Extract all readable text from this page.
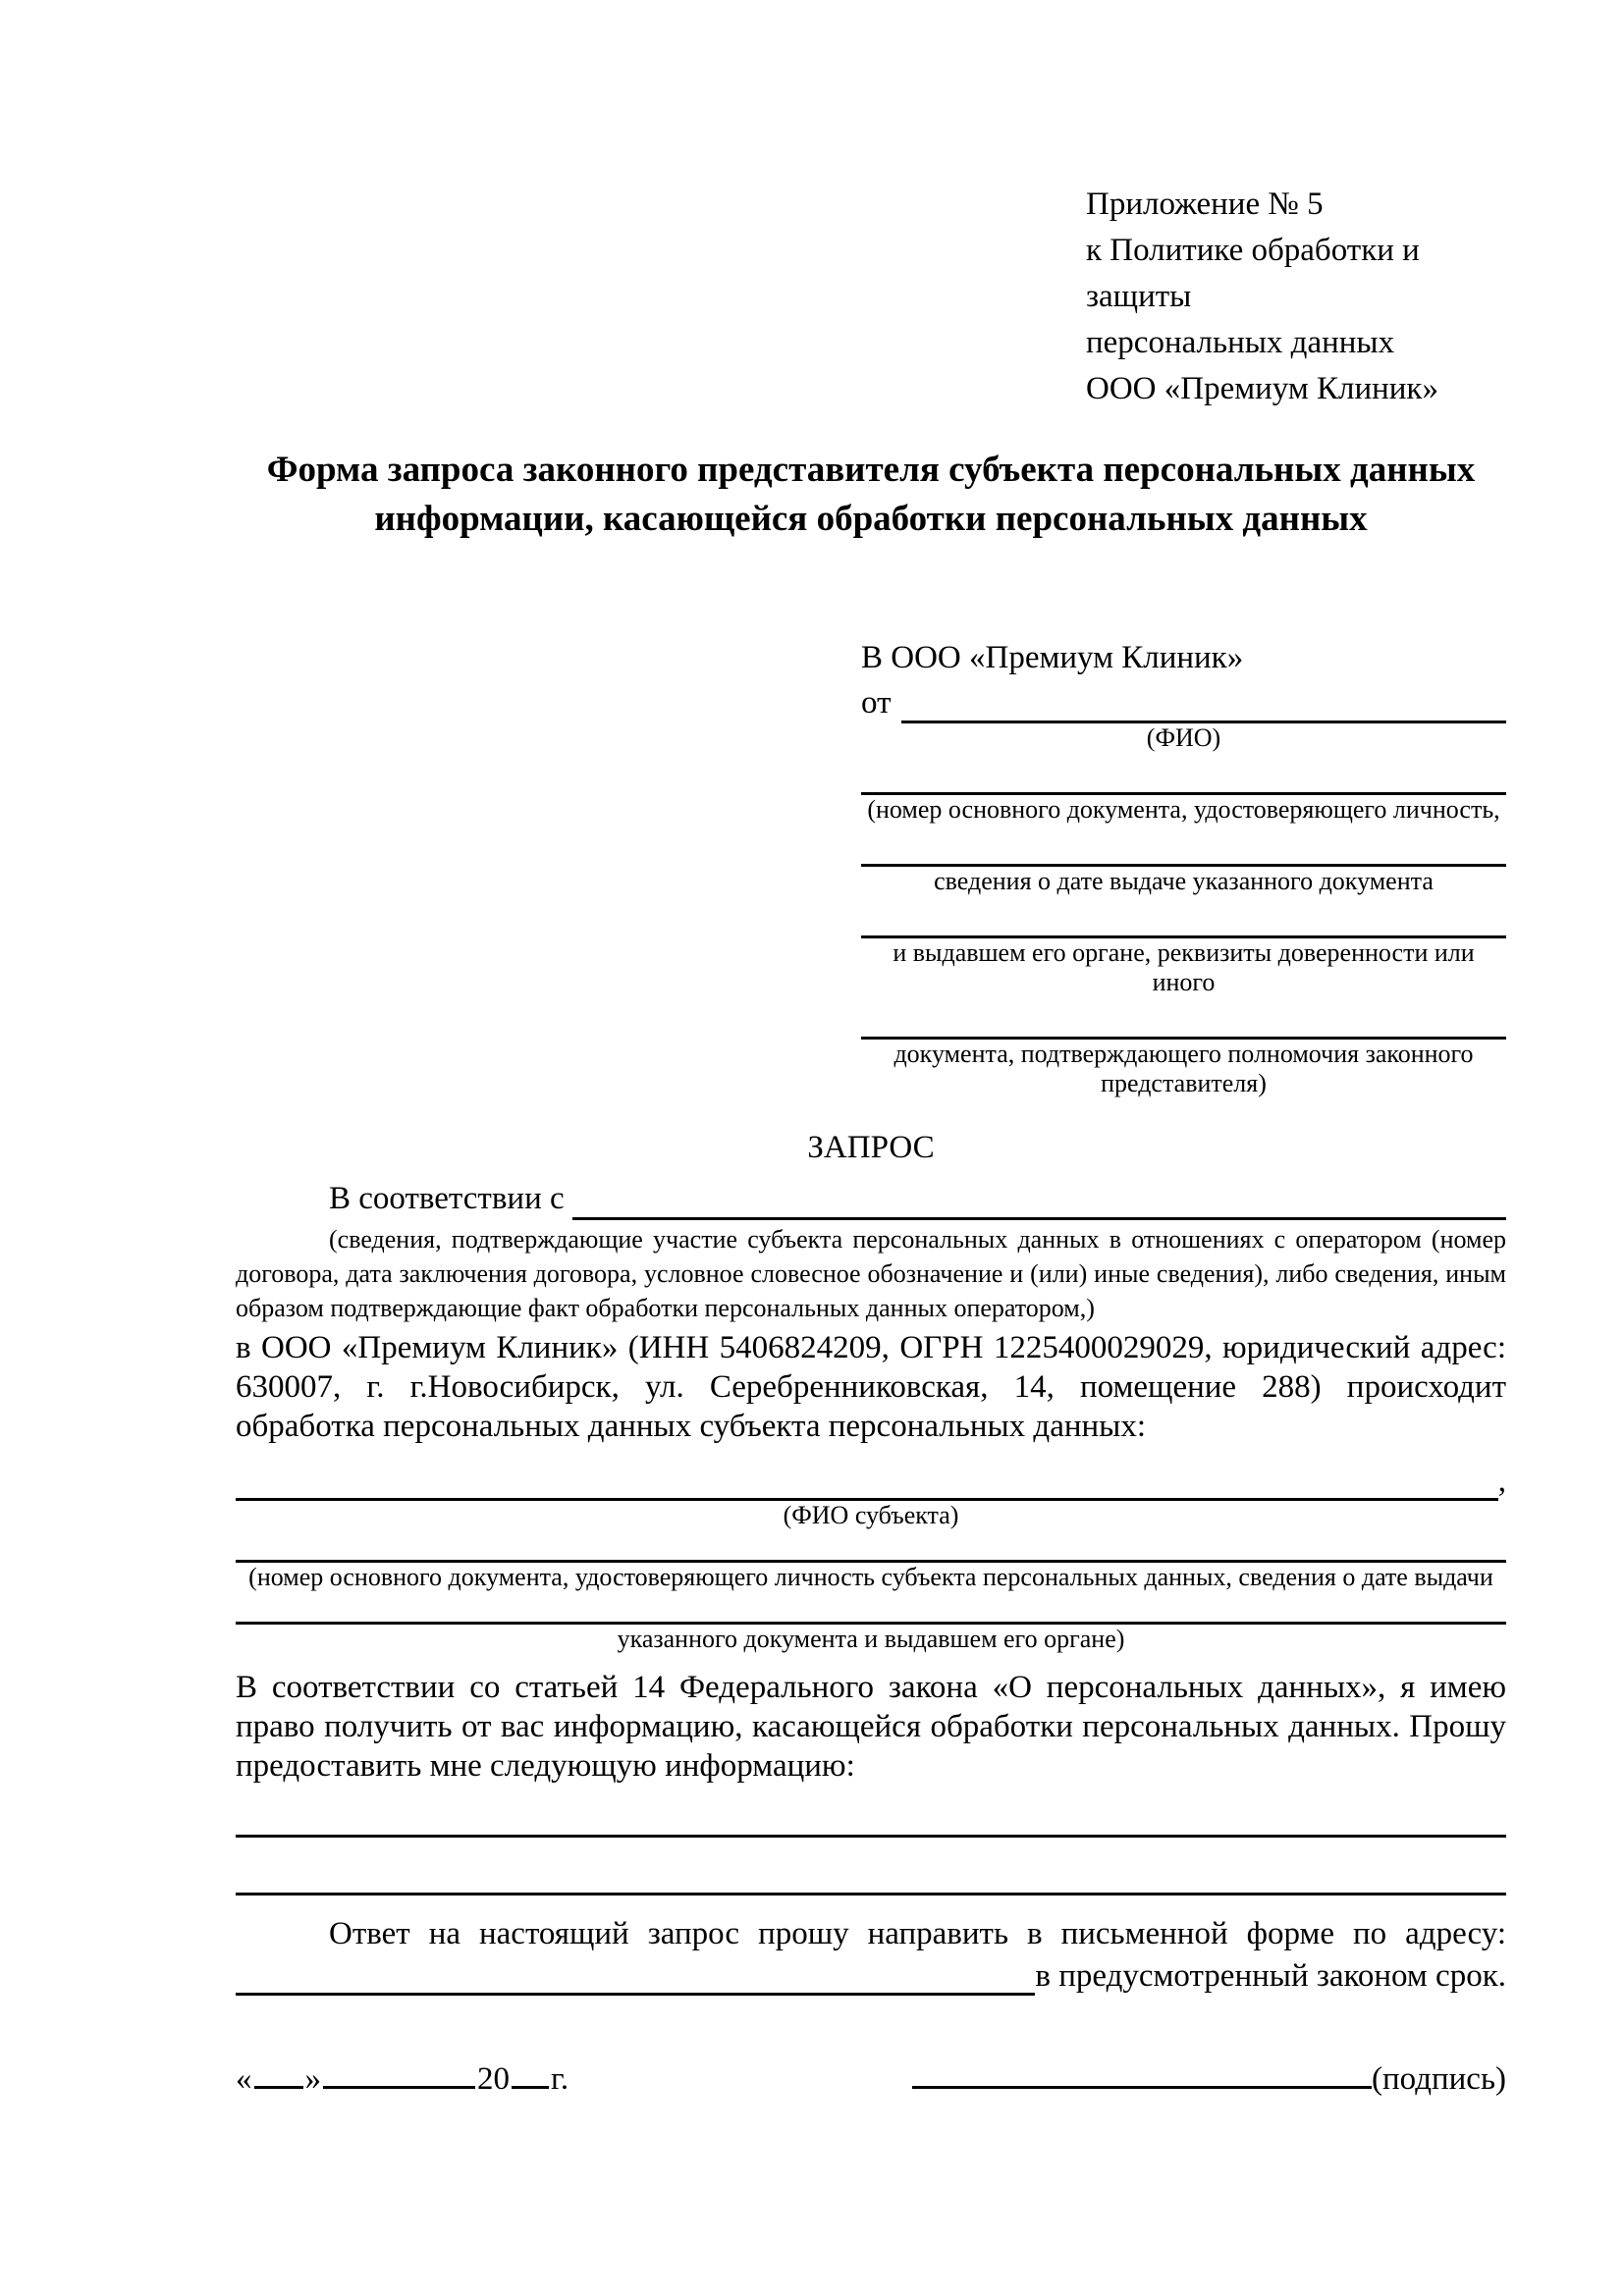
Приложение № 5
к Политике обработки и защиты
персональных данных
ООО «Премиум Клиник»
Форма запроса законного представителя субъекта персональных данных
информации, касающейся обработки персональных данных
В ООО «Премиум Клиник»
от
(ФИО)
(номер основного документа, удостоверяющего личность,
сведения о дате выдаче указанного документа
и выдавшем его органе, реквизиты доверенности или иного
документа, подтверждающего полномочия законного представителя)
ЗАПРОС
В соответствии с

(сведения, подтверждающие участие субъекта персональных данных в отношениях с оператором (номер договора, дата заключения договора, условное словесное обозначение и (или) иные сведения), либо сведения, иным образом подтверждающие факт обработки персональных данных оператором,)

в ООО «Премиум Клиник» (ИНН 5406824209, ОГРН 1225400029029, юридический адрес: 630007, г. г.Новосибирск, ул. Серебренниковская, 14, помещение 288) происходит обработка персональных данных субъекта персональных данных:

,
(ФИО субъекта)
(номер основного документа, удостоверяющего личность субъекта персональных данных, сведения о дате выдачи
указанного документа и выдавшем его органе)

В соответствии со статьей 14 Федерального закона «О персональных данных», я имею право получить от вас информацию, касающейся обработки персональных данных. Прошу предоставить мне следующую информацию:

Ответ на настоящий запрос прошу направить в письменной форме по адресу:

в предусмотренный законом срок.
« »	20 г.	(подпись)
